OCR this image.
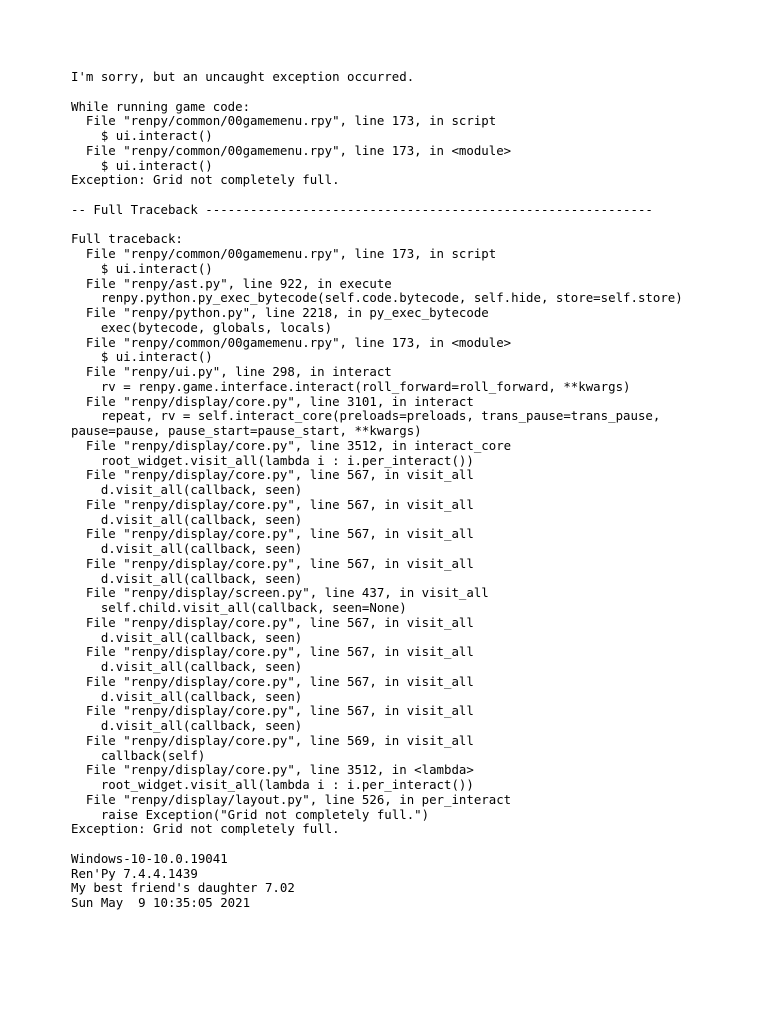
I'm sorry, but an uncaught exception occurred.
While running game code:
File "renpy/common/00gamemenu.rpy", line 173, in script
$ ui.interact()
File "renpy/common/00gamemenu.rpy", line 173, in <module>
$ ui.interact()
Exception: Grid not completely full.
-- Full Traceback ------------------------------------------------------------
Full traceback:
File "renpy/common/00gamemenu.rpy", line 173, in script
$ ui.interact()
File "renpy/ast.py", line 922, in execute
renpy.python.py_exec_bytecode(self.code.bytecode, self.hide, store=self.store)
File "renpy/python.py", line 2218, in py_exec_bytecode
exec(bytecode, globals, locals)
File "renpy/common/00gamemenu.rpy", line 173, in <module>
$ ui.interact()
File "renpy/ui.py", line 298, in interact
rv = renpy.game.interface.interact(roll_forward=roll_forward, **kwargs)
File "renpy/display/core.py", line 3101, in interact
repeat, rv = self.interact_core(preloads=preloads, trans_pause=trans_pause,
pause=pause, pause_start=pause_start, **kwargs)
File "renpy/display/core.py", line 3512, in interact_core
root_widget.visit_all(lambda i : i.per_interact())
File "renpy/display/core.py", line 567, in visit_all
d.visit_all(callback, seen)
File "renpy/display/core.py", line 567, in visit_all
d.visit_all(callback, seen)
File "renpy/display/core.py", line 567, in visit_all
d.visit_all(callback, seen)
File "renpy/display/core.py", line 567, in visit_all
d.visit_all(callback, seen)
File "renpy/display/screen.py", line 437, in visit_all
self.child.visit_all(callback, seen=None)
File "renpy/display/core.py", line 567, in visit_all
d.visit_all(callback, seen)
File "renpy/display/core.py", line 567, in visit_all
d.visit_all(callback, seen)
File "renpy/display/core.py", line 567, in visit_all
d.visit_all(callback, seen)
File "renpy/display/core.py", line 567, in visit_all
d.visit_all(callback, seen)
File "renpy/display/core.py", line 569, in visit_all
callback(self)
File "renpy/display/core.py", line 3512, in <lambda>
root_widget.visit_all(lambda i : i.per_interact())
File "renpy/display/layout.py", line 526, in per_interact
raise Exception("Grid not completely full.")
Exception: Grid not completely full.
Windows-10-10.0.19041
Ren'Py 7.4.4.1439
My best friend's daughter 7.02
Sun May  9 10:35:05 2021
